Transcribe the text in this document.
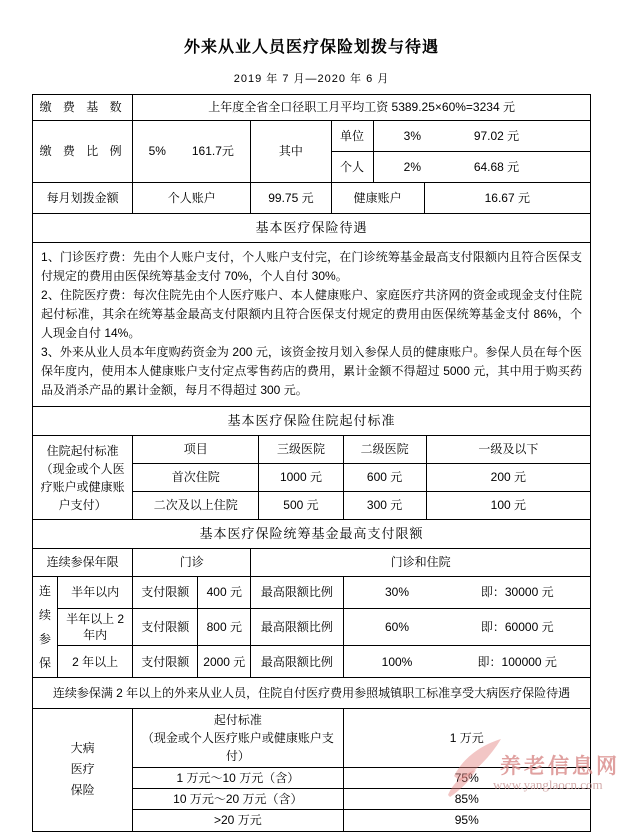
外来从业人员医疗保险划拨与待遇
2019 年 7 月—2020 年 6 月
缴 费 基 数	上年度全省全口径职工月平均工资 5389.25×60%=3234 元				
缴 费 比 例	5% 161.7元	其中	单位	3% 97.02 元	

			个人	2% 64.68 元	

每月划拨金额	个人账户	99.75 元	健康账户		16.67 元
基本医疗保险待遇

1、门诊医疗费：先由个人账户支付，个人账户支付完，在门诊统筹基金最高支付限额内且符合医保支付规定的费用由医保统筹基金支付 70%，个人自付 30%。

2、住院医疗费：每次住院先由个人医疗账户、本人健康账户、家庭医疗共济网的资金或现金支付住院起付标准，其余在统筹基金最高支付限额内且符合医保支付规定的费用由医保统筹基金支付 86%，个人现金自付 14%。

3、外来从业人员本年度购药资金为 200 元，该资金按月划入参保人员的健康账户。参保人员在每个医保年度内，使用本人健康账户支付定点零售药店的费用，累计金额不得超过 5000 元，其中用于购买药品及消杀产品的累计金额，每月不得超过 300 元。

基本医疗保险住院起付标准				

住院起付标准
（现金或个人医疗账户或健康账户支付）	项目	三级医院	二级医院	一级及以下
	首次住院	1000 元	600 元	200 元
	二次及以上住院	500 元	300 元	100 元
基本医疗保险统筹基金最高支付限额					
连续参保年限		门诊		门诊和住院	
连续参保	半年以内	支付限额	400 元	最高限额比例	30% 即：30000 元

	半年以上 2 年内	支付限额	800 元	最高限额比例	60% 即：60000 元

	2 年以上	支付限额	2000 元	最高限额比例	100% 即：100000 元
连续参保满 2 年以上的外来从业人员，住院自付医疗费用参照城镇职工标准享受大病医疗保险待遇
大病医疗保险	起付标准
（现金或个人医疗账户或健康账户支付）	1 万元
	1 万元～10 万元（含）	75%
	10 万元～20 万元（含）	85%
	>20 万元	95%
养老信息网
www.yanglaocn.com
